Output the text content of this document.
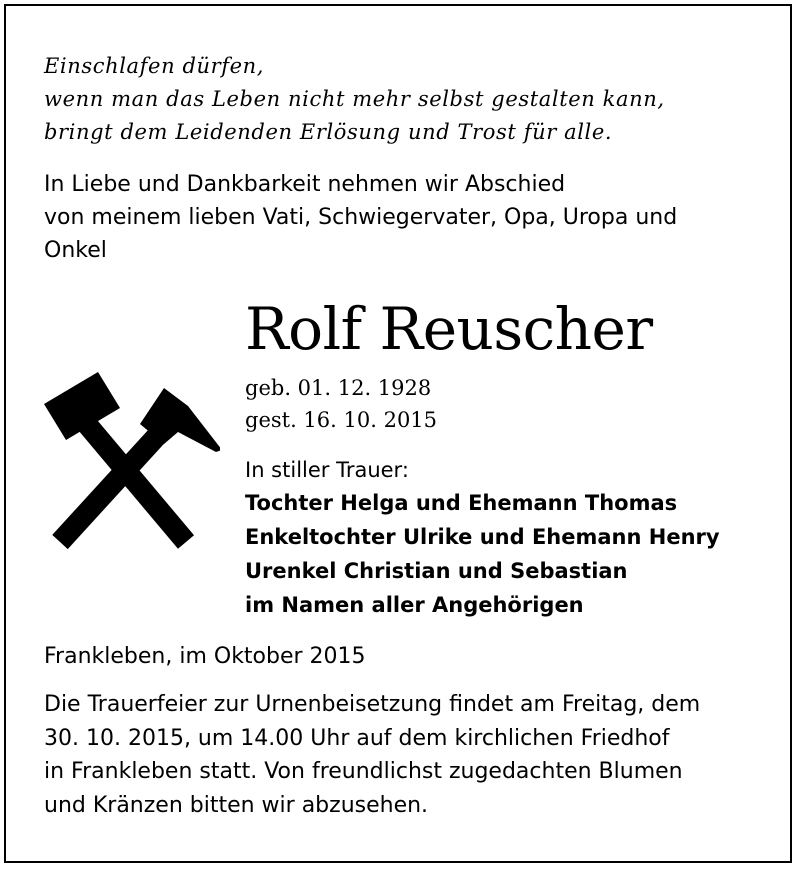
Einschlafen dürfen,
wenn man das Leben nicht mehr selbst gestalten kann,
bringt dem Leidenden Erlösung und Trost für alle.
In Liebe und Dankbarkeit nehmen wir Abschied
von meinem lieben Vati, Schwiegervater, Opa, Uropa und
Onkel
Rolf Reuscher
geb. 01. 12. 1928
gest. 16. 10. 2015
In stiller Trauer:
Tochter Helga und Ehemann Thomas
Enkeltochter Ulrike und Ehemann Henry
Urenkel Christian und Sebastian
im Namen aller Angehörigen
Frankleben, im Oktober 2015
Die Trauerfeier zur Urnenbeisetzung findet am Freitag, dem
30. 10. 2015, um 14.00 Uhr auf dem kirchlichen Friedhof
in Frankleben statt. Von freundlichst zugedachten Blumen
und Kränzen bitten wir abzusehen.
